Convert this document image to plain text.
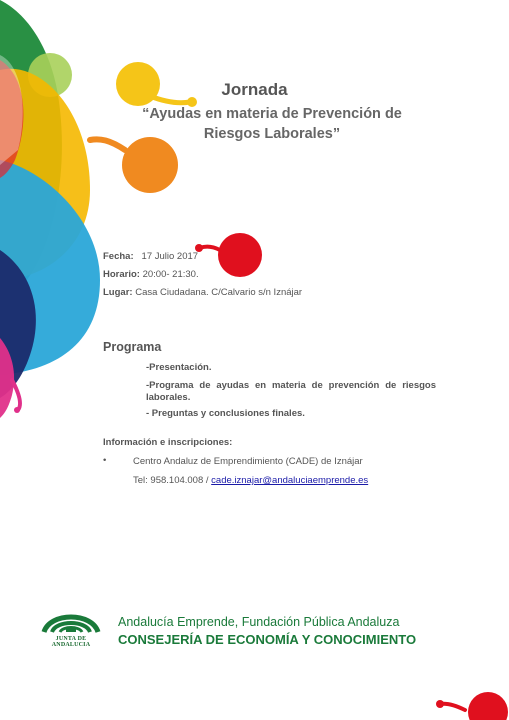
Jornada
“Ayudas en materia de Prevención de Riesgos Laborales”
Fecha: 17 Julio 2017
Horario: 20:00- 21:30.
Lugar: Casa Ciudadana. C/Calvario s/n Iznájar
Programa
-Presentación.
-Programa de ayudas en materia de prevención de riesgos laborales.
- Preguntas y conclusiones finales.
Información e inscripciones:
•	Centro Andaluz de Emprendimiento (CADE) de Iznájar
Tel: 958.104.008 / cade.iznajar@andaluciaemprende.es
JUNTA DE ANDALUCIA
Andalucía Emprende, Fundación Pública Andaluza
CONSEJERÍA DE ECONOMÍA Y CONOCIMIENTO
